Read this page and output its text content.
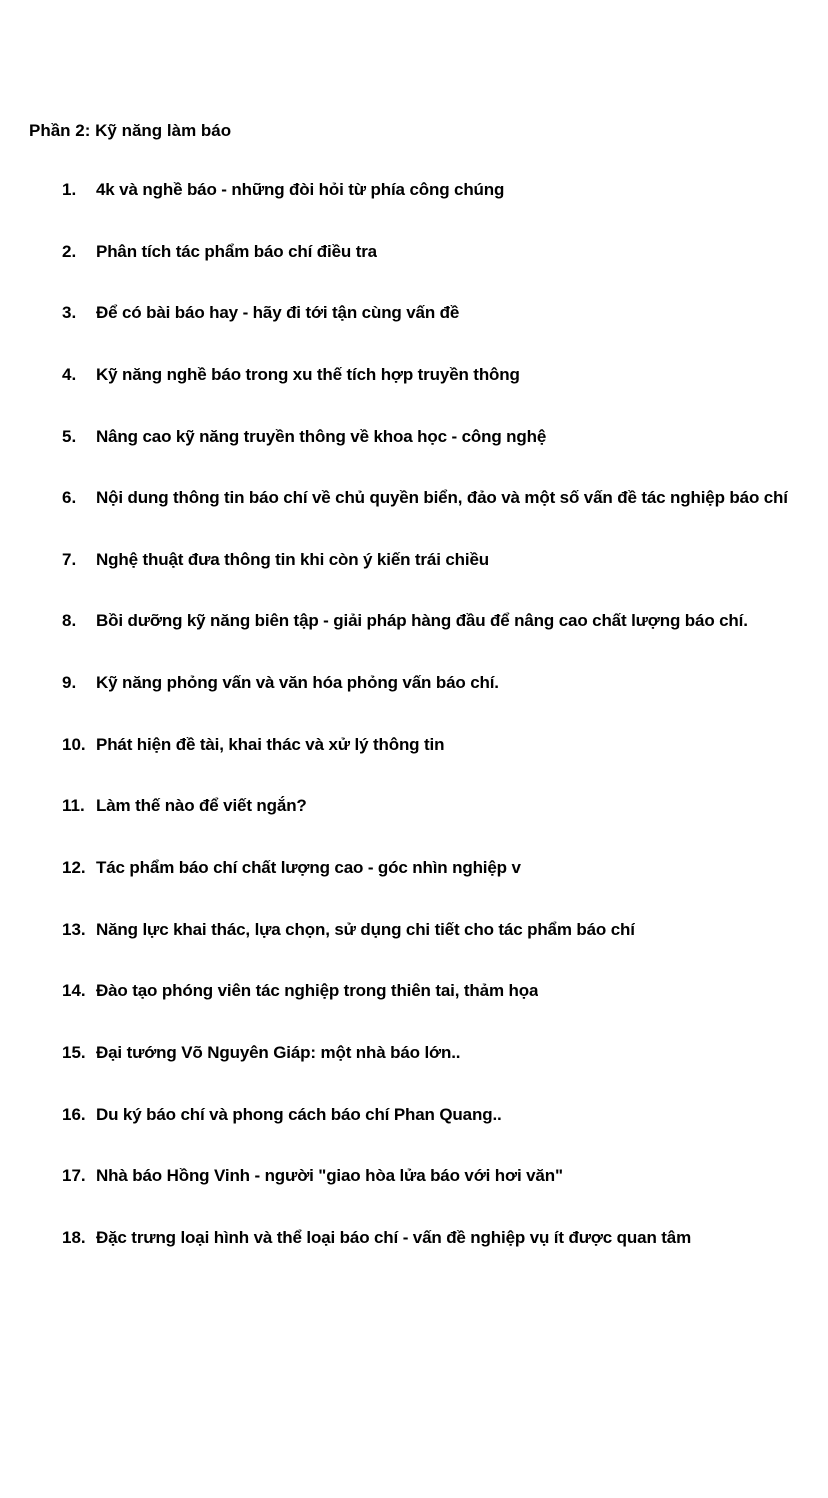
Phần 2: Kỹ năng làm báo
1. 4k và nghề báo - những đòi hỏi từ phía công chúng
2. Phân tích tác phẩm báo chí điều tra
3. Để có bài báo hay - hãy đi tới tận cùng vấn đề
4. Kỹ năng nghề báo trong xu thế tích hợp truyền thông
5. Nâng cao kỹ năng truyền thông về khoa học - công nghệ
6. Nội dung thông tin báo chí về chủ quyền biển, đảo và một số vấn đề tác nghiệp báo chí
7. Nghệ thuật đưa thông tin khi còn ý kiến trái chiều
8. Bồi dưỡng kỹ năng biên tập - giải pháp hàng đầu để nâng cao chất lượng báo chí.
9. Kỹ năng phỏng vấn và văn hóa phỏng vấn báo chí.
10. Phát hiện đề tài, khai thác và xử lý thông tin
11. Làm thế nào để viết ngắn?
12. Tác phẩm báo chí chất lượng cao - góc nhìn nghiệp v
13. Năng lực khai thác, lựa chọn, sử dụng chi tiết cho tác phẩm báo chí
14. Đào tạo phóng viên tác nghiệp trong thiên tai, thảm họa
15. Đại tướng Võ Nguyên Giáp: một nhà báo lớn..
16. Du ký báo chí và phong cách báo chí Phan Quang..
17. Nhà báo Hồng Vinh - người "giao hòa lửa báo với hơi văn"
18. Đặc trưng loại hình và thể loại báo chí - vấn đề nghiệp vụ ít được quan tâm
